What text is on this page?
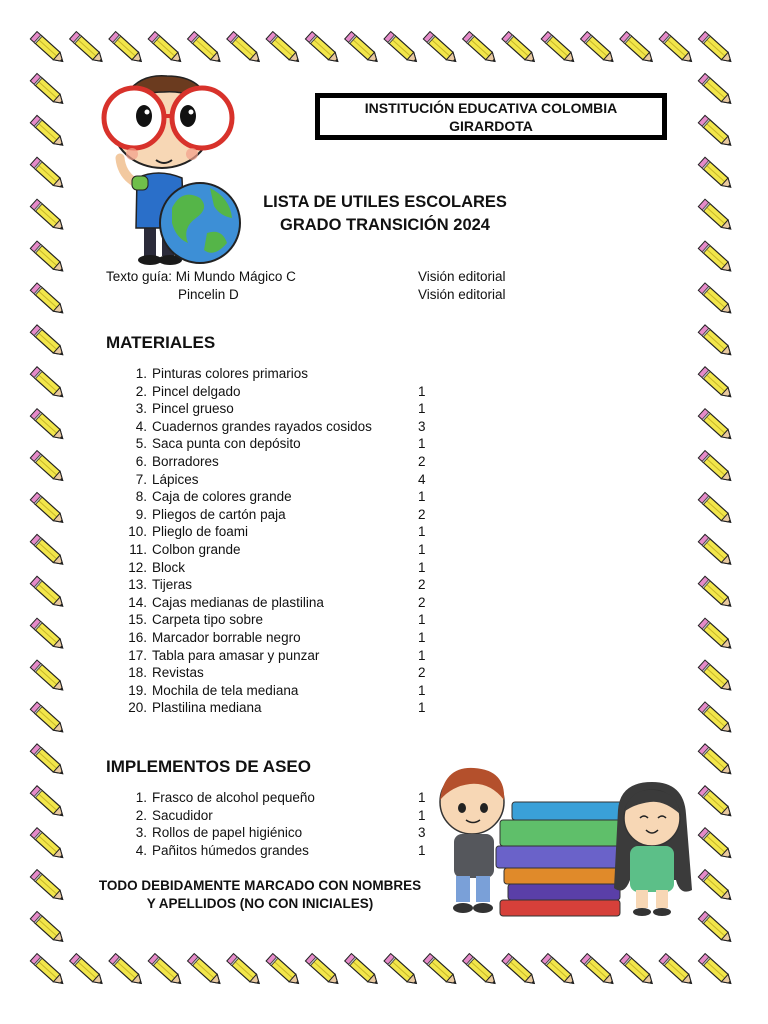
INSTITUCIÓN EDUCATIVA COLOMBIA
GIRARDOTA
LISTA DE UTILES ESCOLARES
GRADO TRANSICIÓN 2024
Texto guía: Mi Mundo Mágico C	Visión editorial
Pincelin D	Visión editorial
MATERIALES
1. Pinturas colores primarios
2. Pincel delgado	1
3. Pincel grueso	1
4. Cuadernos grandes rayados cosidos	3
5. Saca punta con depósito	1
6. Borradores	2
7. Lápices	4
8. Caja de colores grande	1
9. Pliegos de cartón paja	2
10. Plieglo de foami	1
11. Colbon grande	1
12. Block	1
13. Tijeras	2
14. Cajas medianas de plastilina	2
15. Carpeta tipo sobre	1
16. Marcador borrable negro	1
17. Tabla para amasar y punzar	1
18. Revistas	2
19. Mochila de tela mediana	1
20. Plastilina mediana	1
IMPLEMENTOS DE ASEO
1. Frasco de alcohol pequeño	1
2. Sacudidor	1
3. Rollos de papel higiénico	3
4. Pañitos húmedos grandes	1
TODO DEBIDAMENTE MARCADO CON NOMBRES
Y APELLIDOS (NO CON INICIALES)
